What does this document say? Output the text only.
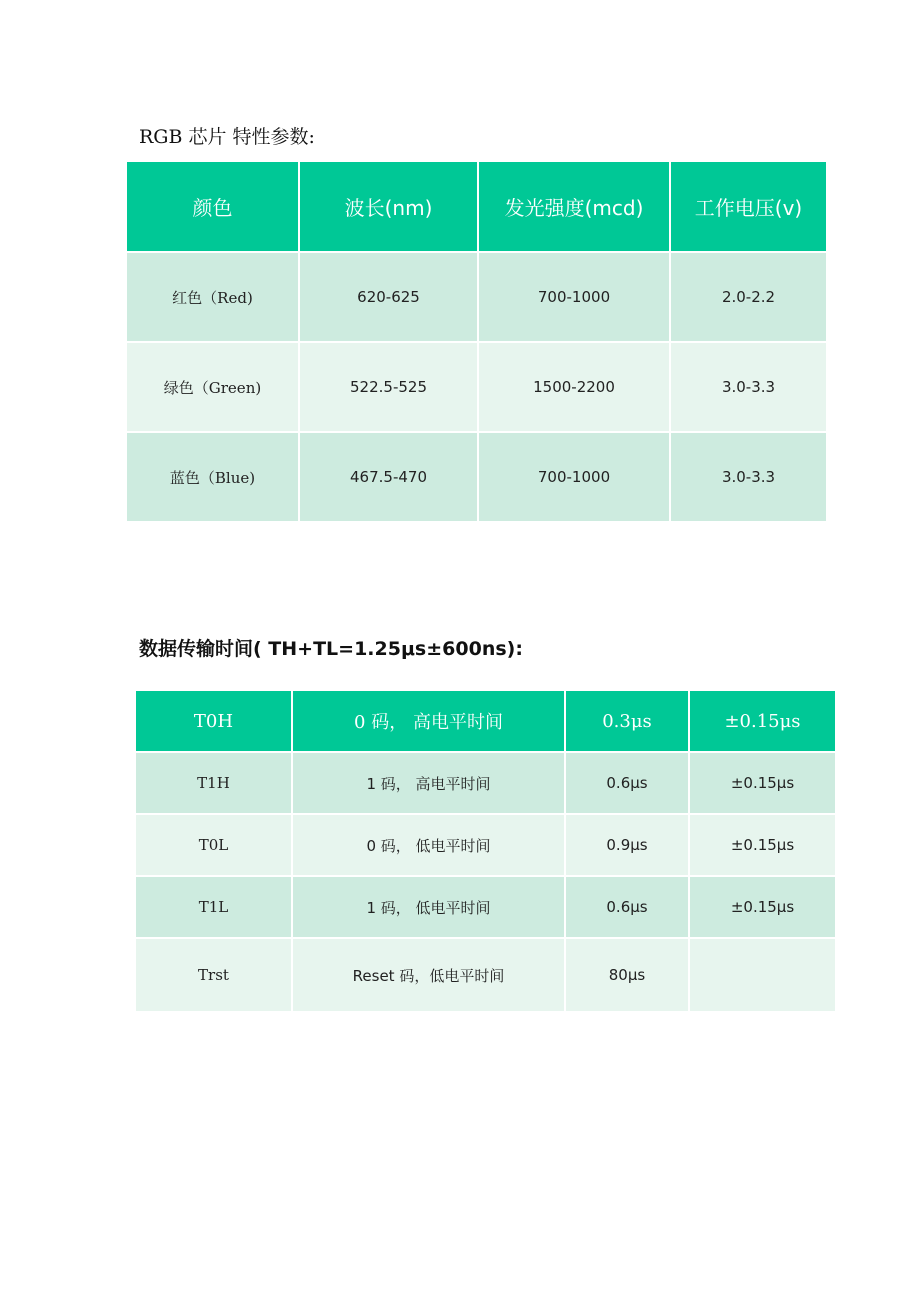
RGB 芯片 特性参数:
颜色	波长(nm)	发光强度(mcd)	工作电压(v)
红色（Red)	620-625	700-1000	2.0-2.2
绿色（Green)	522.5-525	1500-2200	3.0-3.3
蓝色（Blue)	467.5-470	700-1000	3.0-3.3
数据传输时间( TH+TL=1.25μs±600ns):
T0H	0 码， 高电平时间	0.3μs	±0.15μs
T1H	1 码， 高电平时间	0.6μs	±0.15μs
T0L	0 码， 低电平时间	0.9μs	±0.15μs
T1L	1 码， 低电平时间	0.6μs	±0.15μs
Trst	Reset 码，低电平时间	80μs	
